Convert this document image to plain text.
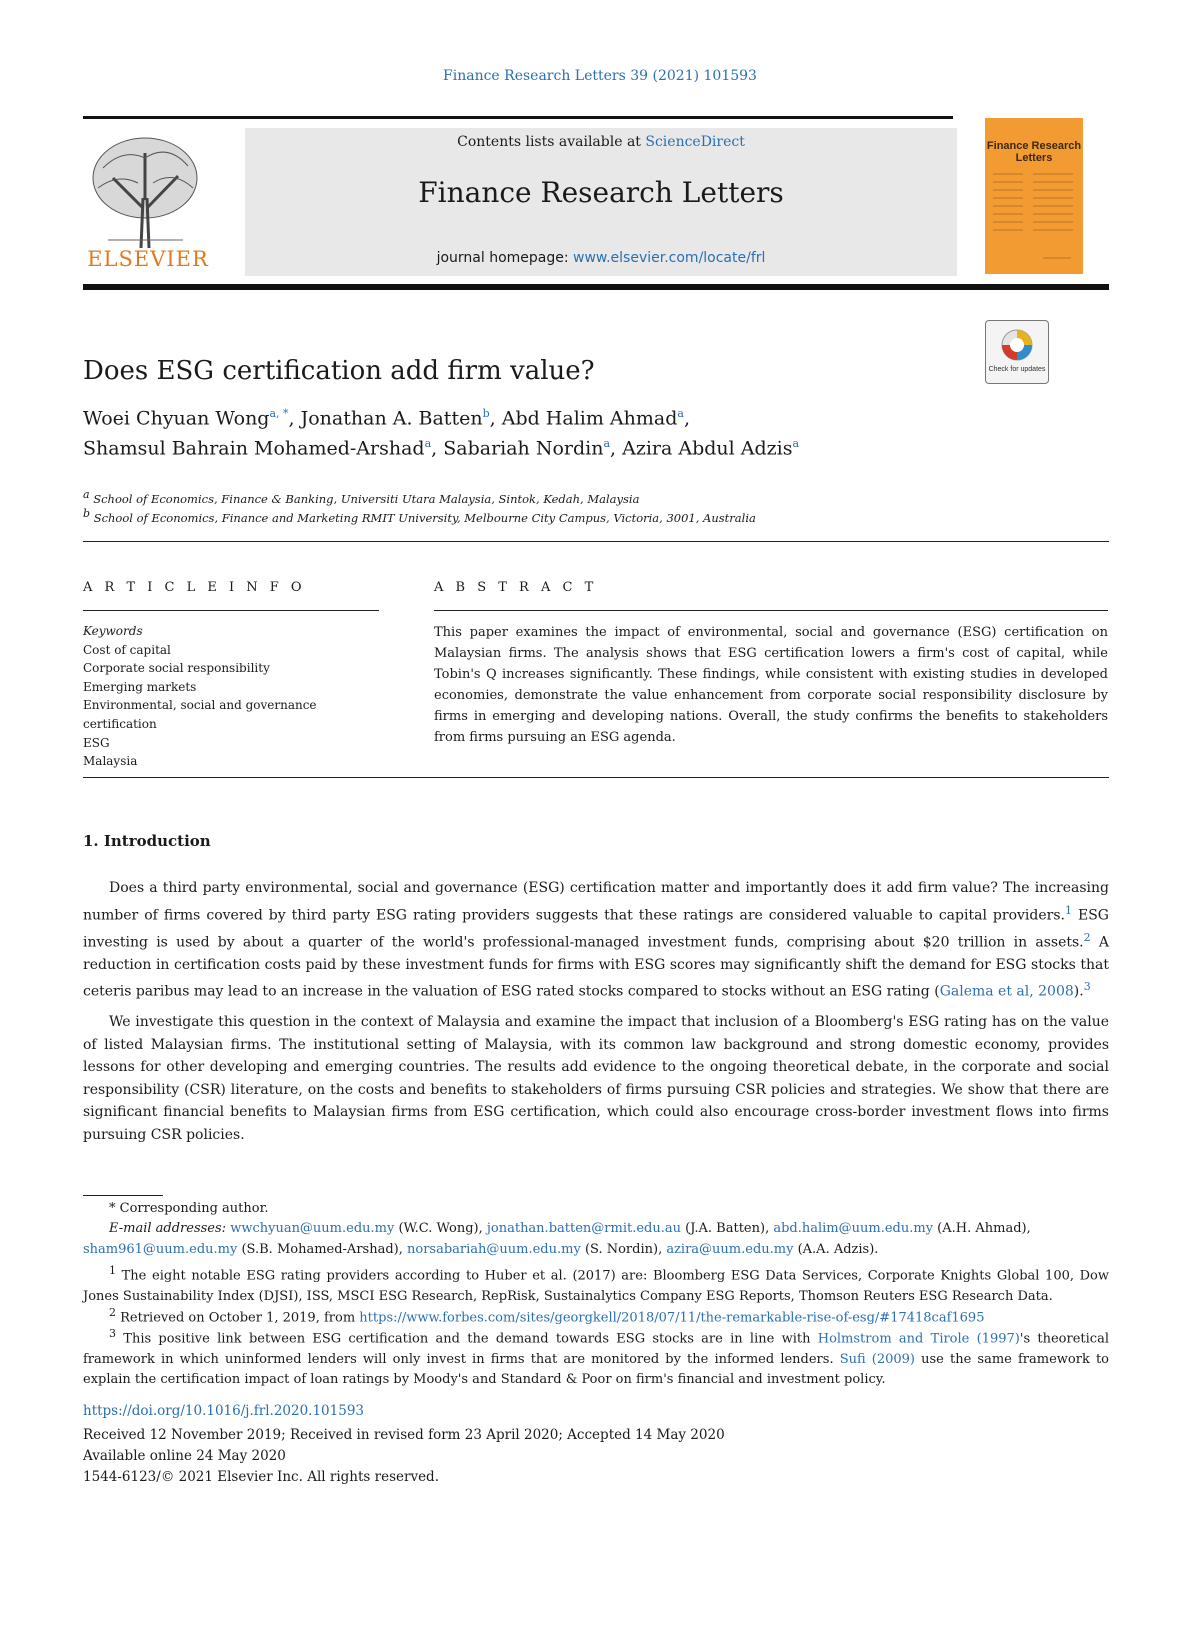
Finance Research Letters 39 (2021) 101593
ELSEVIER
Contents lists available at ScienceDirect
Finance Research Letters
journal homepage: www.elsevier.com/locate/frl
Finance Research Letters
Check for updates
Does ESG certification add firm value?
Woei Chyuan Wong$^{a, *}$, Jonathan A. Batten$^b$, Abd Halim Ahmad$^a$,
Shamsul Bahrain Mohamed-Arshad$^a$, Sabariah Nordin$^a$, Azira Abdul Adzis$^a$
$^a$ School of Economics, Finance & Banking, Universiti Utara Malaysia, Sintok, Kedah, Malaysia
$^b$ School of Economics, Finance and Marketing RMIT University, Melbourne City Campus, Victoria, 3001, Australia
A R T I C L E I N F O
Keywords
Cost of capital
Corporate social responsibility
Emerging markets
Environmental, social and governance
certification
ESG
Malaysia
A B S T R A C T
This paper examines the impact of environmental, social and governance (ESG) certification on Malaysian firms. The analysis shows that ESG certification lowers a firm's cost of capital, while Tobin's Q increases significantly. These findings, while consistent with existing studies in developed economies, demonstrate the value enhancement from corporate social responsibility disclosure by firms in emerging and developing nations. Overall, the study confirms the benefits to stakeholders from firms pursuing an ESG agenda.
1. Introduction
Does a third party environmental, social and governance (ESG) certification matter and importantly does it add firm value? The increasing number of firms covered by third party ESG rating providers suggests that these ratings are considered valuable to capital providers.$^1$ ESG investing is used by about a quarter of the world's professional-managed investment funds, comprising about $20 trillion in assets.$^2$ A reduction in certification costs paid by these investment funds for firms with ESG scores may significantly shift the demand for ESG stocks that ceteris paribus may lead to an increase in the valuation of ESG rated stocks compared to stocks without an ESG rating (Galema et al, 2008).$^3$
We investigate this question in the context of Malaysia and examine the impact that inclusion of a Bloomberg's ESG rating has on the value of listed Malaysian firms. The institutional setting of Malaysia, with its common law background and strong domestic economy, provides lessons for other developing and emerging countries. The results add evidence to the ongoing theoretical debate, in the corporate and social responsibility (CSR) literature, on the costs and benefits to stakeholders of firms pursuing CSR policies and strategies. We show that there are significant financial benefits to Malaysian firms from ESG certification, which could also encourage cross-border investment flows into firms pursuing CSR policies.
* Corresponding author.
E-mail addresses: wwchyuan@uum.edu.my (W.C. Wong), jonathan.batten@rmit.edu.au (J.A. Batten), abd.halim@uum.edu.my (A.H. Ahmad),
sham961@uum.edu.my (S.B. Mohamed-Arshad), norsabariah@uum.edu.my (S. Nordin), azira@uum.edu.my (A.A. Adzis).
$^1$ The eight notable ESG rating providers according to Huber et al. (2017) are: Bloomberg ESG Data Services, Corporate Knights Global 100, Dow Jones Sustainability Index (DJSI), ISS, MSCI ESG Research, RepRisk, Sustainalytics Company ESG Reports, Thomson Reuters ESG Research Data.
$^2$ Retrieved on October 1, 2019, from https://www.forbes.com/sites/georgkell/2018/07/11/the-remarkable-rise-of-esg/#17418caf1695
$^3$ This positive link between ESG certification and the demand towards ESG stocks are in line with Holmstrom and Tirole (1997)'s theoretical framework in which uninformed lenders will only invest in firms that are monitored by the informed lenders. Sufi (2009) use the same framework to explain the certification impact of loan ratings by Moody's and Standard & Poor on firm's financial and investment policy.
https://doi.org/10.1016/j.frl.2020.101593
Received 12 November 2019; Received in revised form 23 April 2020; Accepted 14 May 2020
Available online 24 May 2020
1544-6123/© 2021 Elsevier Inc. All rights reserved.
